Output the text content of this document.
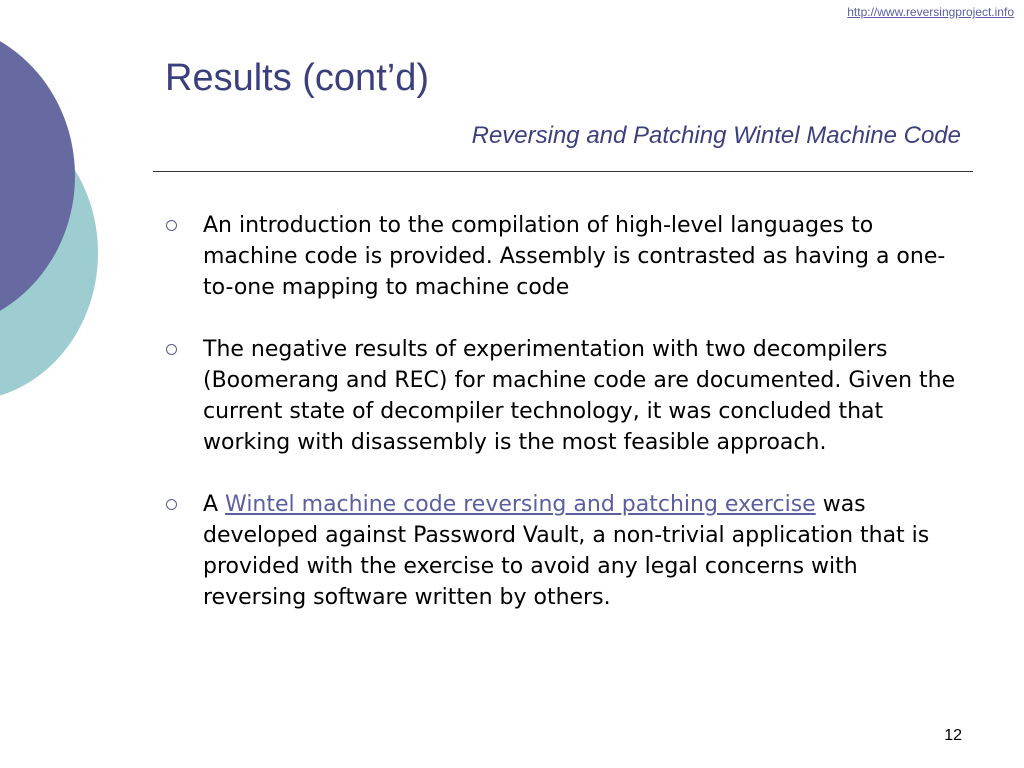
http://www.reversingproject.info
Results (cont’d)
Reversing and Patching Wintel Machine Code
An introduction to the compilation of high-level languages to machine code is provided. Assembly is contrasted as having a one-to-one mapping to machine code
The negative results of experimentation with two decompilers (Boomerang and REC) for machine code are documented. Given the current state of decompiler technology, it was concluded that working with disassembly is the most feasible approach.
A Wintel machine code reversing and patching exercise was developed against Password Vault, a non-trivial application that is provided with the exercise to avoid any legal concerns with reversing software written by others.
12
